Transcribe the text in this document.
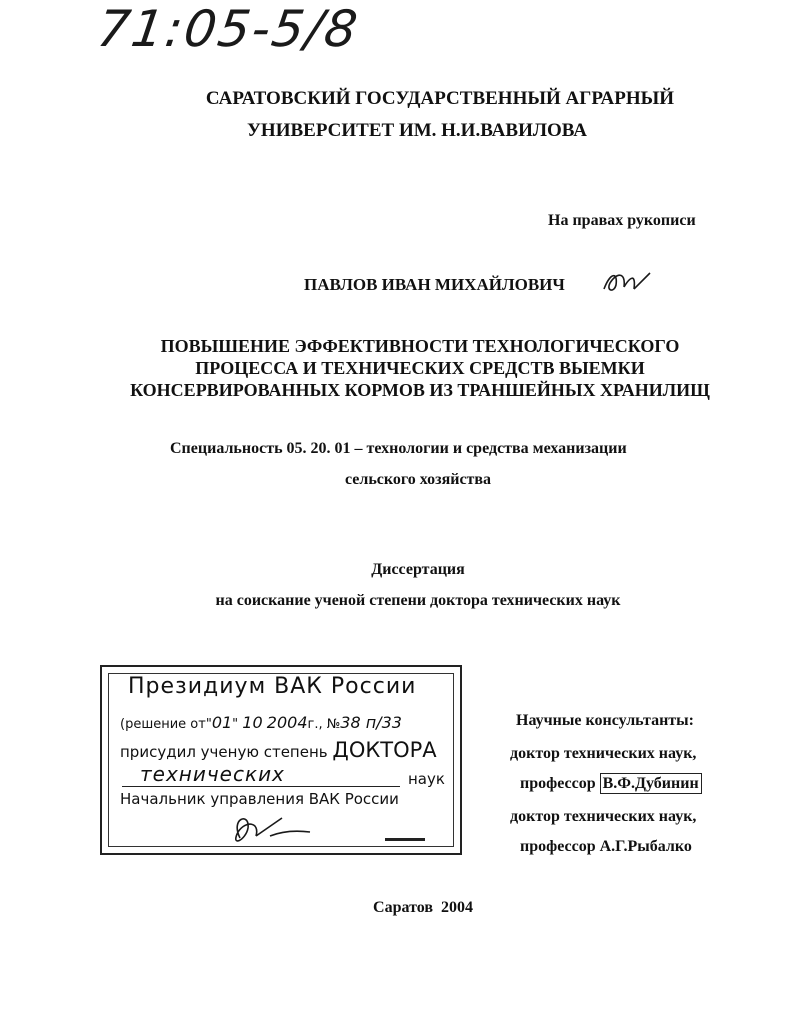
71:05-5/8
САРАТОВСКИЙ ГОСУДАРСТВЕННЫЙ АГРАРНЫЙ
УНИВЕРСИТЕТ ИМ. Н.И.ВАВИЛОВА
На правах рукописи
ПАВЛОВ ИВАН МИХАЙЛОВИЧ
ПОВЫШЕНИЕ ЭФФЕКТИВНОСТИ ТЕХНОЛОГИЧЕСКОГО
ПРОЦЕССА И ТЕХНИЧЕСКИХ СРЕДСТВ ВЫЕМКИ
КОНСЕРВИРОВАННЫХ КОРМОВ ИЗ ТРАНШЕЙНЫХ ХРАНИЛИЩ
Специальность 05. 20. 01 – технологии и средства механизации
сельского хозяйства
Диссертация
на соискание ученой степени доктора технических наук
Президиум ВАК России
(решение от"01" 10 2004г., №38 п/33
присудил ученую степень ДОКТОРА
технических	наук
Начальник управления ВАК России
Научные консультанты:
доктор технических наук,
профессор В.Ф.Дубинин
доктор технических наук,
профессор А.Г.Рыбалко
Саратов  2004
